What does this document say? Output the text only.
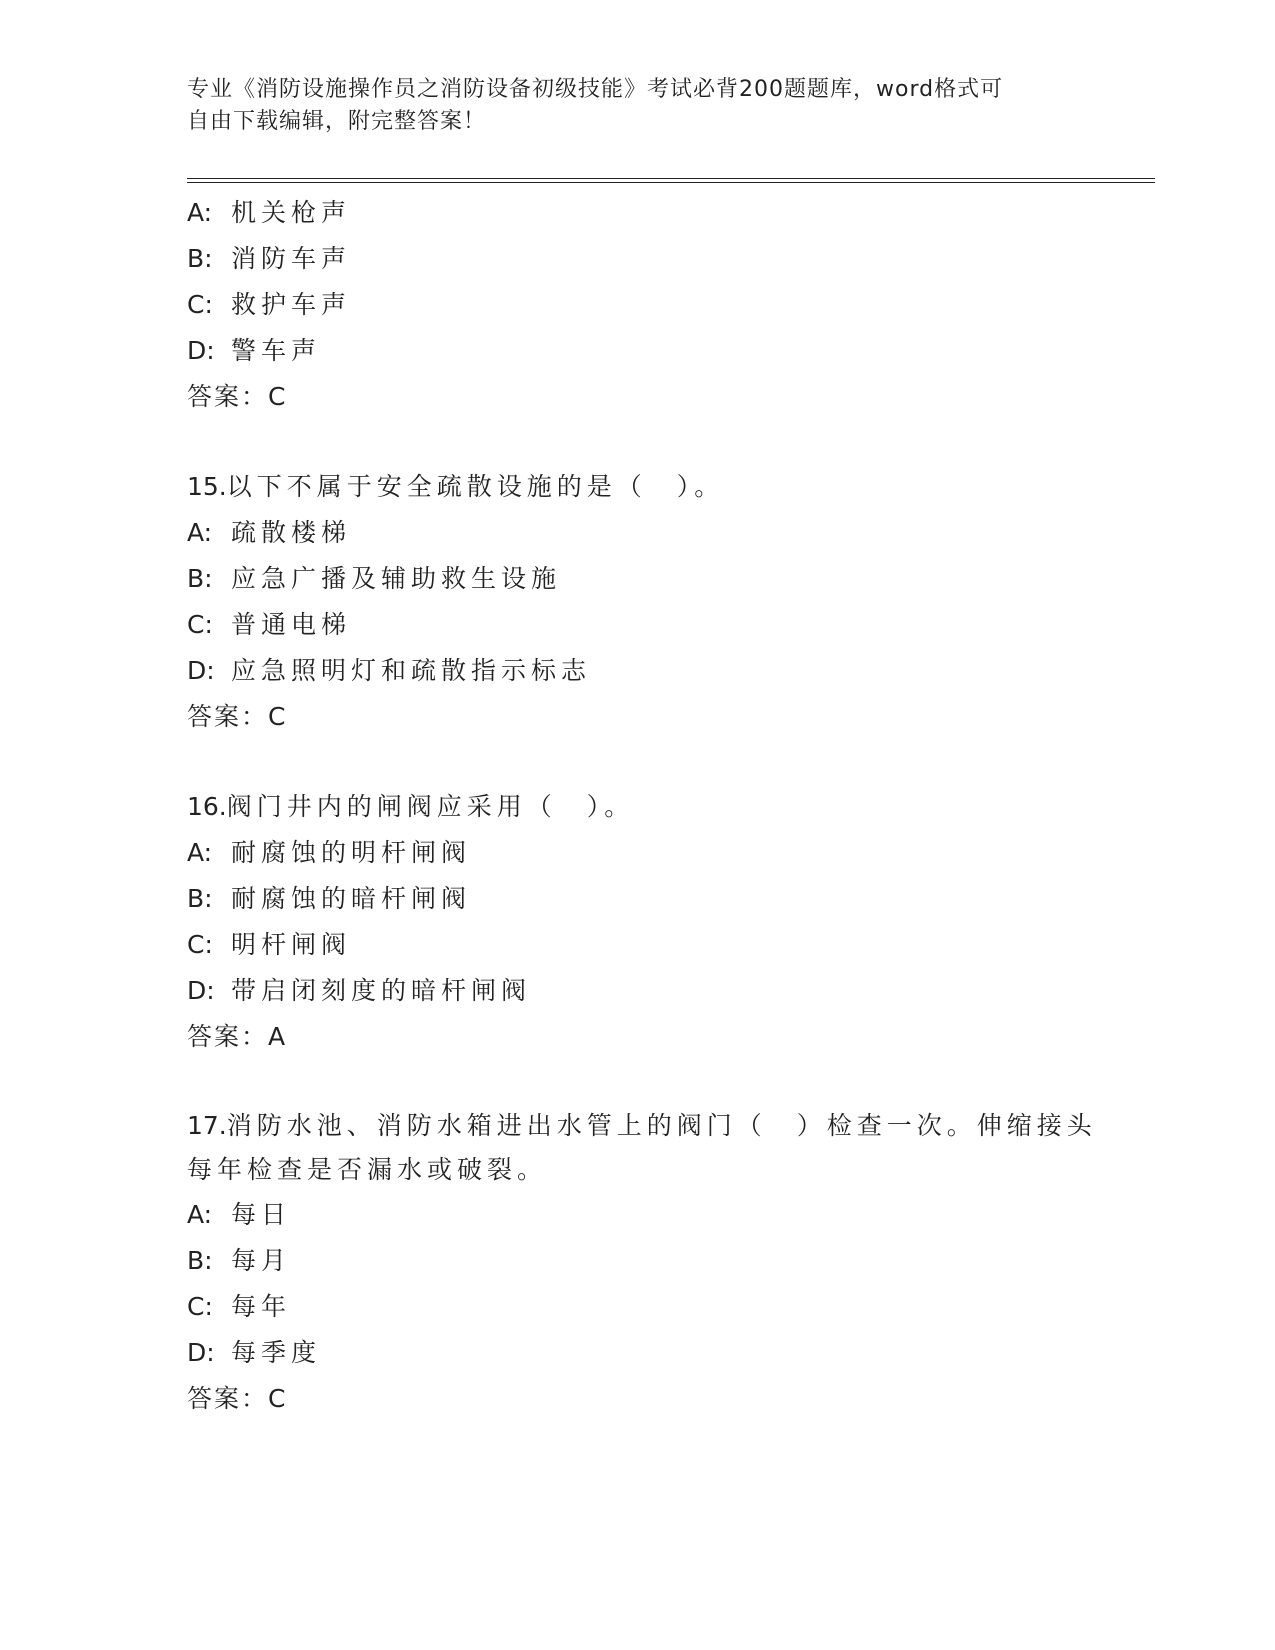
专业《消防设施操作员之消防设备初级技能》考试必背200题题库，word格式可
自由下载编辑，附完整答案！
A: 机关枪声
B: 消防车声
C: 救护车声
D: 警车声
答案：C
15.以下不属于安全疏散设施的是（　）。
A: 疏散楼梯
B: 应急广播及辅助救生设施
C: 普通电梯
D: 应急照明灯和疏散指示标志
答案：C
16.阀门井内的闸阀应采用（　）。
A: 耐腐蚀的明杆闸阀
B: 耐腐蚀的暗杆闸阀
C: 明杆闸阀
D: 带启闭刻度的暗杆闸阀
答案：A
17.消防水池、消防水箱进出水管上的阀门（　）检查一次。伸缩接头
每年检查是否漏水或破裂。
A: 每日
B: 每月
C: 每年
D: 每季度
答案：C
